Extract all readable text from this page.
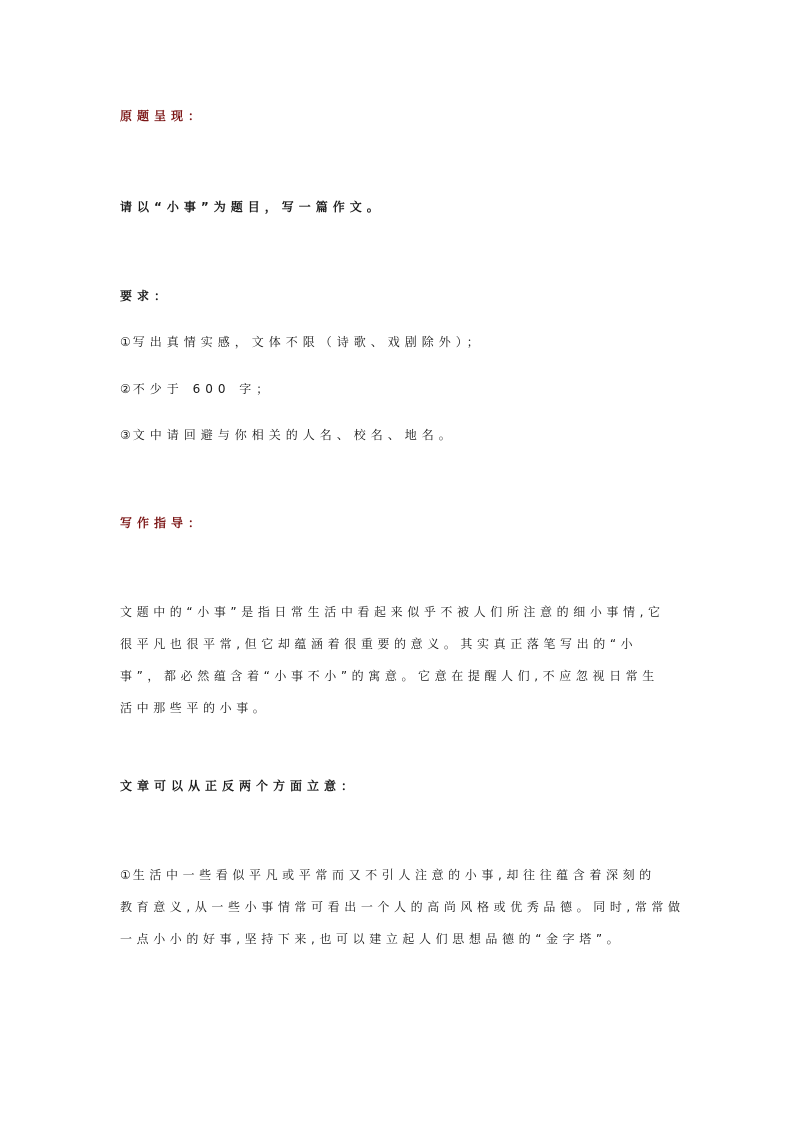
原题呈现：
请以“小事”为题目，写一篇作文。
要求：
① 写出真情实感，文体不限（诗歌、戏剧除外）；
② 不少于 600 字；
③ 文中请回避与你相关的人名、校名、地名。
写作指导：
文题中的“小事”是指日常生活中看起来似乎不被人们所注意的细小事情,它
很平凡也很平常,但它却蕴涵着很重要的意义。其实真正落笔写出的“小
事”，都必然蕴含着“小事不小”的寓意。它意在提醒人们,不应忽视日常生
活中那些平的小事。
文章可以从正反两个方面立意：
① 生活中一些看似平凡或平常而又不引人注意的小事,却往往蕴含着深刻的
教育意义,从一些小事情常可看出一个人的高尚风格或优秀品德。同时,常常做
一点小小的好事,坚持下来,也可以建立起人们思想品德的“金字塔”。
